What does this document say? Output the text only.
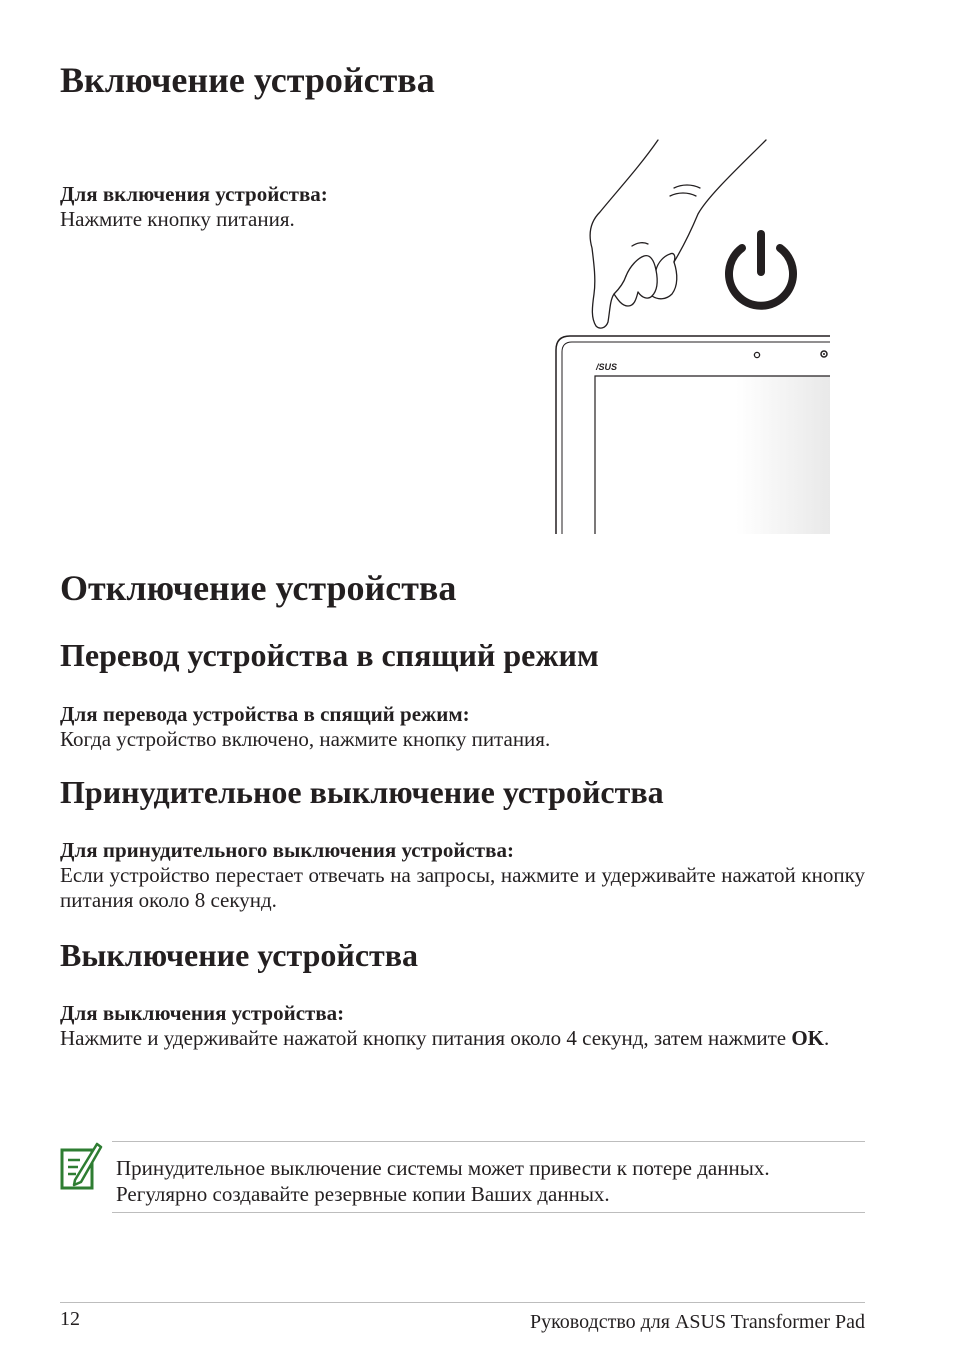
Включение устройства
Для включения устройства:
Нажмите кнопку питания.
/SUS
Отключение устройства
Перевод устройства в спящий режим
Для перевода устройства в спящий режим:
Когда устройство включено, нажмите кнопку питания.
Принудительное выключение устройства
Для принудительного выключения устройства:
Если устройство перестает отвечать на запросы, нажмите и удерживайте нажатой кнопку питания около 8 секунд.
Выключение устройства
Для выключения устройства:
Нажмите и удерживайте нажатой кнопку питания около 4 секунд, затем нажмите OK.
Принудительное выключение системы может привести к потере данных.
Регулярно создавайте резервные копии Ваших данных.
12	Руководство для ASUS Transformer Pad
